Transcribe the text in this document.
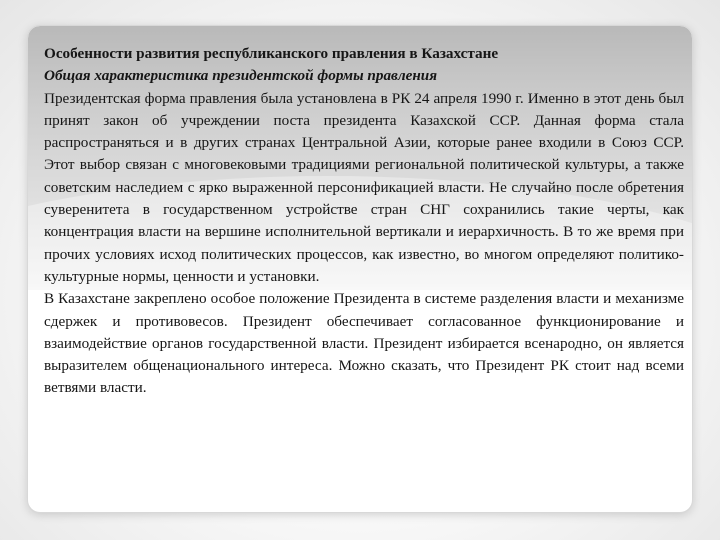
Особенности развития республиканского правления в Казахстане

Общая характеристика президентской формы правления

Президентская форма правления была установлена в РК 24 апреля 1990 г. Именно в этот день был принят закон об учреждении поста президента Казахской ССР. Данная форма стала распространяться и в других странах Центральной Азии, которые ранее входили в Союз ССР. Этот выбор связан с многовековыми традициями региональной политической культуры, а также советским наследием с ярко выраженной персонификацией власти. Не случайно после обретения суверенитета в государственном устройстве стран СНГ сохранились такие черты, как концентрация власти на вершине исполнительной вертикали и иерархичность. В то же время при прочих условиях исход политических процессов, как известно, во многом определяют политико-культурные нормы, ценности и установки.

В Казахстане закреплено особое положение Президента в системе разделения власти и механизме сдержек и противовесов. Президент обеспечивает согласованное функционирование и взаимодействие органов государственной власти. Президент избирается всенародно, он является выразителем общенационального интереса. Можно сказать, что Президент РК стоит над всеми ветвями власти.
